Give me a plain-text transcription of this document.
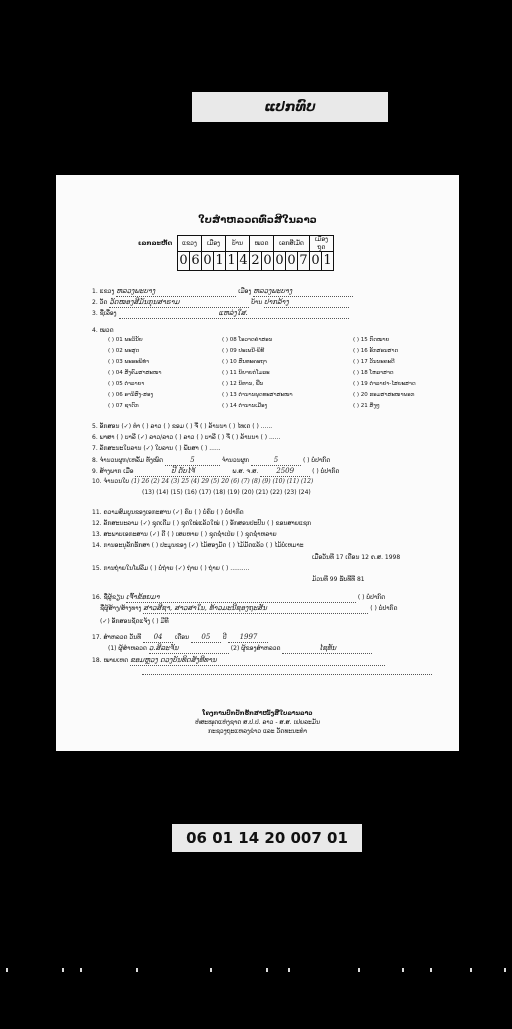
ແປກທົບ
ໃບສຳຫລວດທົ່ວສີໃນລາວ
ເລກລະຫັດ ແຂວງ		ເມືອງ		ບ້ານ		ໝວດ		ເລກສີເມັດ			ເມື່ອງຖຸດ	
0	6	0	1	1	4	2	0	0	0	7	0	1
1. ແຂວງ ຫລວງພະບາງ	ເມືອງ ຫລວງພະບາງ
2. ວັດ ວັດໜອງສີມັນກຸນສາຣາມ	ບ້ານ ປາກລ້າງ
3. ຊື່ເລື່ອງ	ແຫລ່ງໃສ.
4. ໝວດ
( ) 01 ພະວິນັຍ
( ) 02 ພະສູດ
( ) 03 ພະອະພິທຳ
( ) 04 ສັງຄົມສາສະໜາ
( ) 05 ຕຳລາຍາ
( ) 06 ອານິສົງ-ສອງ
( ) 07 ຊາດົກ
( ) 08 ໂອວາດຄຳສອນ
( ) 09 ປະເພນີ-ພິທີ
( ) 10 ສົນທະຄະຖາ
( ) 11 ນິຍາຍຕ່ໂມລະ
( ) 12 ນິທານ, ຟື້ນ
( ) 13 ຕຳນານພຸດທະສາສະໜາ
( ) 14 ຕຳນານເມືອງ
( ) 15 ກົດໝາຍ
( ) 16 ອັກສອນສາດ
( ) 17 ວັນນະຄະດີ
( ) 18 ໂຫລາສາດ
( ) 19 ຕຳລາຢາ-ໄສຍະສາດ
( ) 20 ຮອມສາສະໜາພອກ
( ) 21 ສິ່ງໆ
5. ອັກສອນ (✓) ທຳ ( ) ລາວ ( ) ຂອມ ( ) ຈີ່ ( ) ລ້ານນາ ( ) ໄທເດ ( ) ......
6. ພາສາ ( ) ບາລີ (✓) ລາວ/ລາວ ( ) ລາວ ( ) ບາລີ ( ) ຈີ່ ( ) ລ້ານນາ ( ) ......
7. ລັກສະນະໃບລານ (✓) ໃບລານ ( ) ພັບສາ ( ) ......
8. ຈຳນວນຜູກ/ເຫລັ້ມ ທັງໝົດ	5	ຈຳນວນຜູກ	5	( ) ບໍ່ປາກົດ
9. ສ້າງພາກ ເມື່ອ	ປີ ດັບໄຈ້	ພ.ສ. ຈ.ສ.	2509	( ) ບໍ່ປາກົດ
10. ຈຳນວນໃບ (1) 26 (2) 24 (3) 25 (4) 29 (5) 20 (6) (7) (8) (9) (10) (11) (12)
(13) (14) (15) (16) (17) (18) (19) (20) (21) (22) (23) (24)
11. ຄວາມສົມບູນຂອງເອກະສານ (✓) ຄົບ ( ) ບໍ່ຄົບ ( ) ບໍ່ປາກົດ
12. ລັກສະນະລາມ (✓) ຊຸດເດີມ ( ) ຊຸດໃໝ່ແລ້ວໃໝ່ ( ) ອັກສອນປະປົນ ( ) ຂອນສາຍແຊກ
13. ສະພາບເອກະສານ (✓) ດີ ( ) ເສຍຫາຍ ( ) ຊຸດຊ່ຳເປ່ຍ ( ) ຊຸດຊ່ຳຫລາຍ
14. ການອະນຸລັກຮັກສາ ( ) ປະມູນຂອງ (✓) ໄມ້ສອງມັດ ( ) ໄມ້ມັດແລ້ວ ( ) ໄມ້ບໍ່ເຫມາະ
15. ການຖ່າຍໃນໂຟລີມ ( ) ບໍ່ຖ່າຍ (✓) ຖ່າຍ ( ) ຖ່າຍ ( ) ..........
ເມື່ອວັນທີ 17 ເດືອນ 12 ຄ.ສ. 1998
ມ້ວນທີ 99 ຮັບທີທີ 81
16. ຊື່ຜູ້ຂຽນ ເຈົ້າຂ້ອຍມາ	( ) ບໍ່ປາກົດ
ຊື່ຜູ້ສ້າງ/ສ້າງທາງ ສາວສີຊາ, ສາວສາໃນ, ທ້າວມະນີຊອງຖະສັນ	( ) ບໍ່ປາກົດ
(✓) ອັກສອນຊັດແຈ້ງ ( ) ມີທີ
17. ສຳຫລວດ ວັນທີ 04 ເດືອນ 05 ປີ 1997
(1) ຜູ້ສຳຫລວດ ວ.ສິລະຈັນ	(2) ຜູ້ຂອງສຳຫລວດ	ໄຊທັນ
18. ໝາຍເຫດ ຂອມຫຼວງ ດວງບັນທິດສັງທີທານ
ໂຄງການປົກປັກຮັກສາໜັງສືໃບລານລາວ
ຫໍສະໝຸດແຫ່ງຊາດ ສ.ປ.ປ. ລາວ - ສ.ສ. ເຢຍລະມັນ
ກະຊວງຖະແຫລງຂ່າວ ແລະ ວັດທະນະທຳ
06 01 14 20 007 01
